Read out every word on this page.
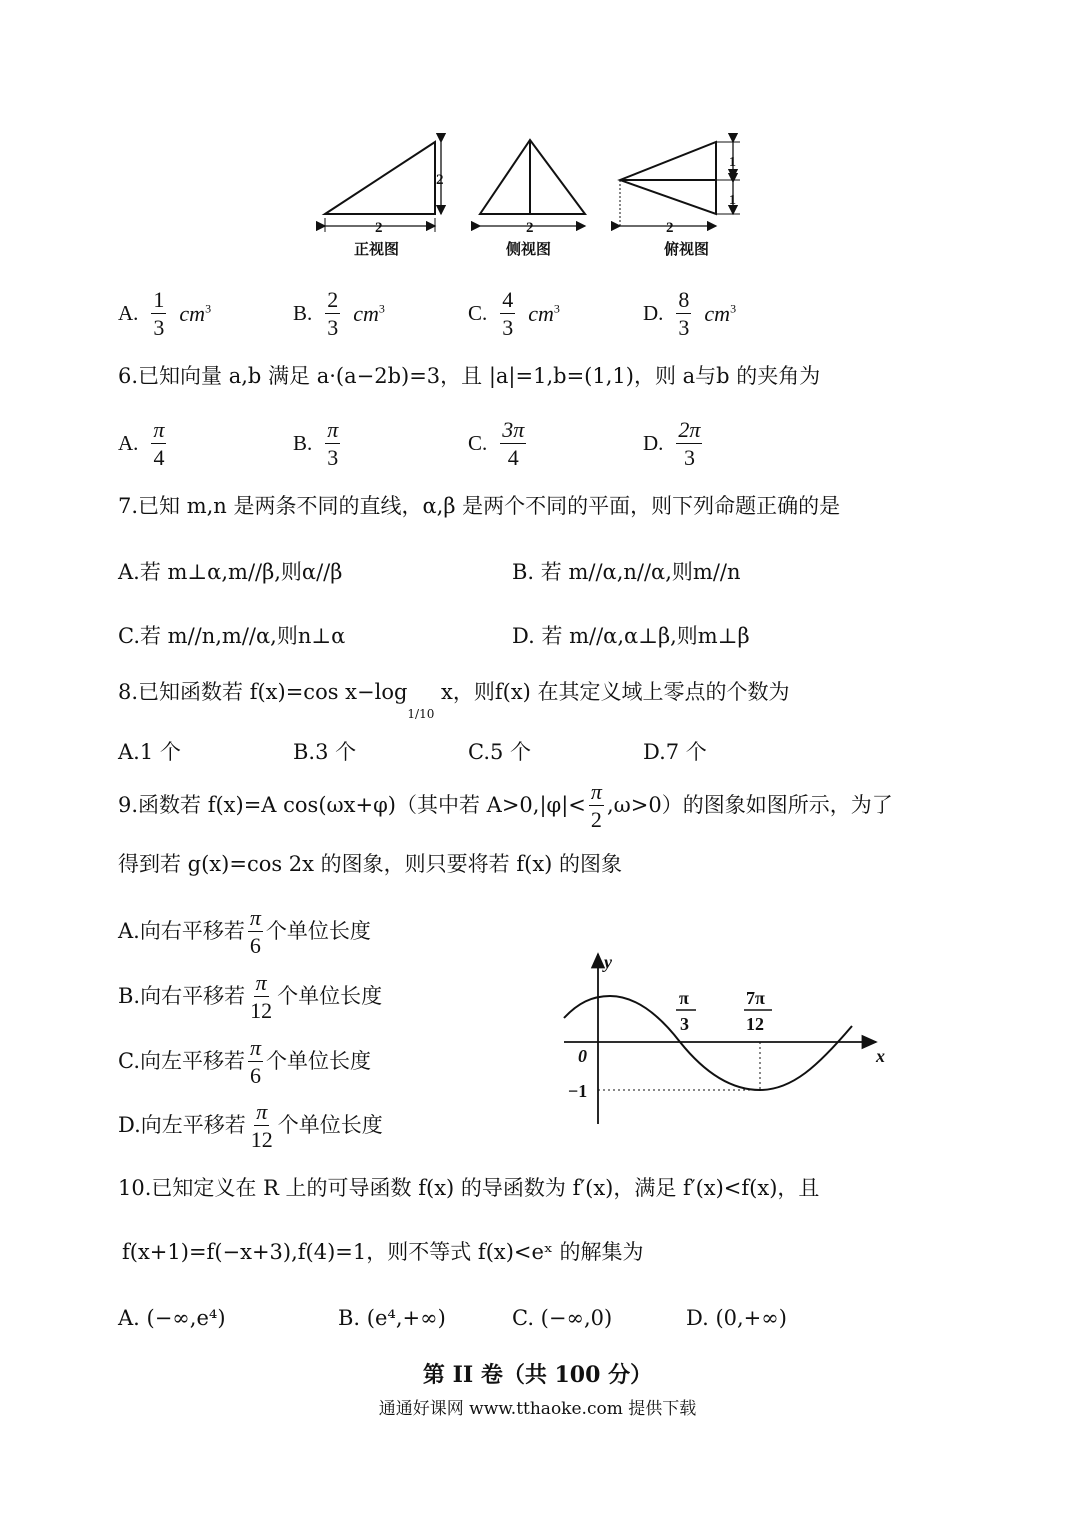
2
2
正视图
2
侧视图
2
1
1
俯视图
A. $\frac{1}{3} cm^3$	B. $\frac{2}{3} cm^3$	C. $\frac{4}{3} cm^3$	D. $\frac{8}{3} cm^3$
6.已知向量 a,b 满足 a·(a−2b)=3，且 |a|=1,b=(1,1)，则 a与b 的夹角为
A. $\frac{\pi}{4}$	B. $\frac{\pi}{3}$	C. $\frac{3\pi}{4}$	D. $\frac{2\pi}{3}$
7.已知 m,n 是两条不同的直线，α,β 是两个不同的平面，则下列命题正确的是
A.若 m⊥α,m//β,则α//β	B. 若 m//α,n//α,则m//n
C.若 m//n,m//α,则n⊥α	D. 若 m//α,α⊥β,则m⊥β
8.已知函数若 f(x)=cos $x-\log_{1/10}$ x，则f(x) 在其定义域上零点的个数为
A.1 个	B.3 个	C.5 个	D.7 个
9.函数若 f(x)=A cos(ωx+φ)（其中若 $A>0,|\varphi|< \frac{\pi}{2} ,\omega>0$）的图象如图所示，为了
得到若 g(x)=cos 2x 的图象，则只要将若 f(x) 的图象
A.向右平移若 $\frac{\pi}{6}$ 个单位长度
B.向右平移若 $\frac{\pi}{12}$ 个单位长度
C.向左平移若 $\frac{\pi}{6}$ 个单位长度
D.向左平移若 $\frac{\pi}{12}$ 个单位长度
y
x
0
−1
π
3
7π
12
10.已知定义在 R 上的可导函数 f(x) 的导函数为 f′(x)，满足 f′(x)<f(x)，且
f(x+1)=f(−x+3),f(4)=1，则不等式 f(x)<eˣ 的解集为
A. (−∞,e⁴)	B. (e⁴,+∞)	C. (−∞,0)	D. (0,+∞)
第 II 卷（共 100 分）
通通好课网 www.tthaoke.com 提供下载
